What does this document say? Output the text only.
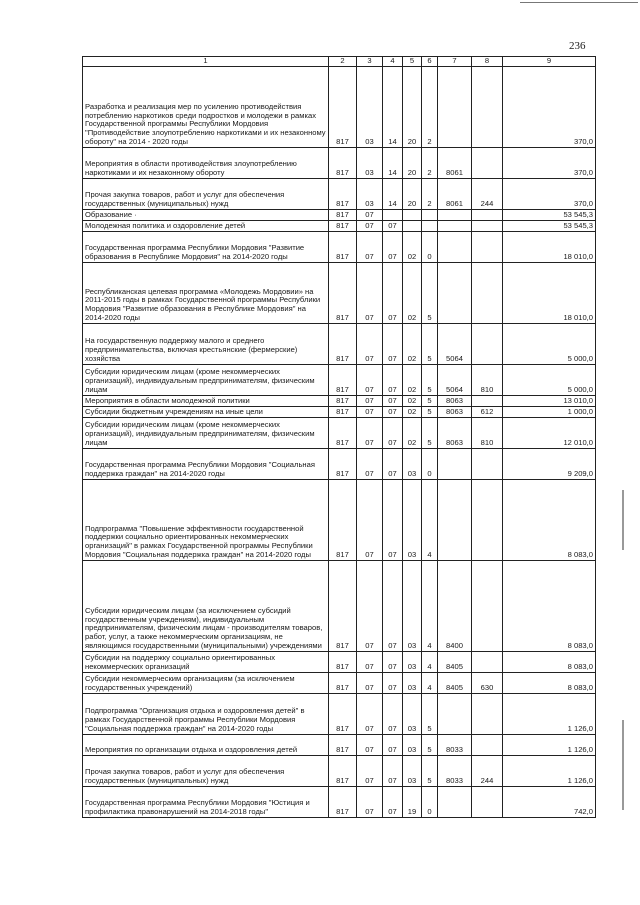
236
1	2	3	4	5	6	7	8	9
Разработка и реализация мер по усилению противодействия потреблению наркотиков среди подростков и молодежи в рамках Государственной программы Республики Мордовия "Противодействие злоупотреблению наркотиками и их незаконному обороту" на 2014 - 2020 годы	817	03	14	20	2			370,0
Мероприятия в области противодействия злоупотреблению наркотиками и их незаконному обороту	817	03	14	20	2	8061		370,0
Прочая закупка товаров, работ и услуг для обеспечения государственных (муниципальных) нужд	817	03	14	20	2	8061	244	370,0
Образование ·	817	07						53 545,3
Молодежная политика и оздоровление детей	817	07	07					53 545,3
Государственная программа Республики Мордовия "Развитие образования в Республике Мордовия" на 2014-2020 годы	817	07	07	02	0			18 010,0
Республиканская целевая программа «Молодежь Мордовии» на 2011-2015 годы в рамках Государственной программы Республики Мордовия "Развитие образования в Республике Мордовия" на 2014-2020 годы	817	07	07	02	5			18 010,0
На государственную поддержку малого и среднего предпринимательства, включая крестьянские (фермерские) хозяйства	817	07	07	02	5	5064		5 000,0
Субсидии юридическим лицам (кроме некоммерческих организаций), индивидуальным предпринимателям, физическим лицам	817	07	07	02	5	5064	810	5 000,0
Мероприятия в области молодежной политики	817	07	07	02	5	8063		13 010,0
Субсидии бюджетным учреждениям на иные цели	817	07	07	02	5	8063	612	1 000,0
Субсидии юридическим лицам (кроме некоммерческих организаций), индивидуальным предпринимателям, физическим лицам	817	07	07	02	5	8063	810	12 010,0
Государственная программа Республики Мордовия "Социальная поддержка граждан" на 2014-2020 годы	817	07	07	03	0			9 209,0
Подпрограмма "Повышение эффективности государственной поддержки социально ориентированных некоммерческих организаций" в рамках Государственной программы Республики Мордовия "Социальная поддержка граждан" на 2014-2020 годы	817	07	07	03	4			8 083,0
Субсидии юридическим лицам (за исключением субсидий государственным учреждениям), индивидуальным предпринимателям, физическим лицам - производителям товаров, работ, услуг, а также некоммерческим организациям, не являющимся государственными (муниципальными) учреждениями	817	07	07	03	4	8400		8 083,0
Субсидии на поддержку социально ориентированных некоммерческих организаций	817	07	07	03	4	8405		8 083,0
Субсидии некоммерческим организациям (за исключением государственных учреждений)	817	07	07	03	4	8405	630	8 083,0
Подпрограмма "Организация отдыха и оздоровления детей" в рамках Государственной программы Республики Мордовия "Социальная поддержка граждан" на 2014-2020 годы	817	07	07	03	5			1 126,0
Мероприятия по организации отдыха и оздоровления детей	817	07	07	03	5	8033		1 126,0
Прочая закупка товаров, работ и услуг для обеспечения государственных (муниципальных) нужд	817	07	07	03	5	8033	244	1 126,0
Государственная программа Республики Мордовия "Юстиция и профилактика правонарушений на 2014-2018 годы"	817	07	07	19	0			742,0
